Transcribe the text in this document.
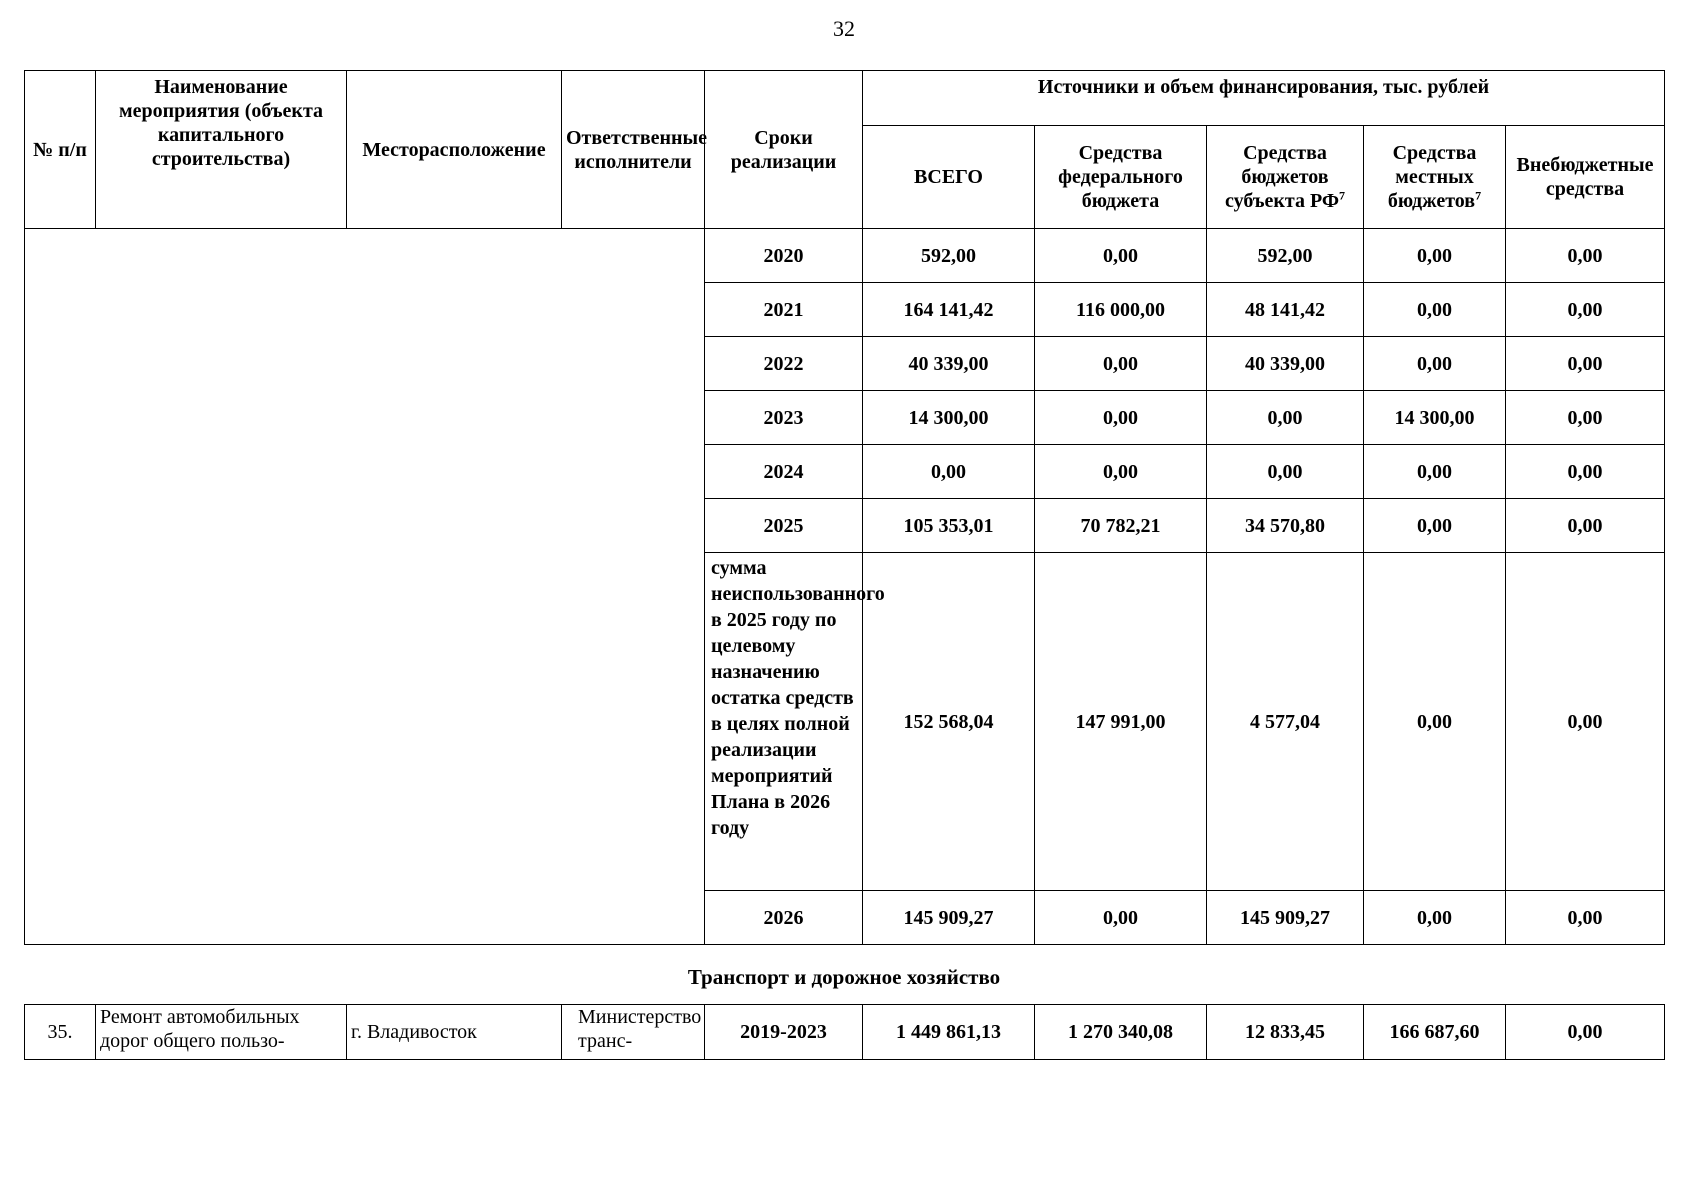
32
№ п/п	Наименование мероприятия (объекта капитального строительства)	Месторасположение	Ответственные исполнители	Сроки реализации	Источники и объем финансирования, тыс. рублей				
					ВСЕГО	Средства федерального бюджета	Средства бюджетов субъекта $РФ^7$	Средства местных бюджетов$^7$	Внебюджетные средства
				2020	592,00	0,00	592,00	0,00	0,00
				2021	164 141,42	116 000,00	48 141,42	0,00	0,00
				2022	40 339,00	0,00	40 339,00	0,00	0,00
				2023	14 300,00	0,00	0,00	14 300,00	0,00
				2024	0,00	0,00	0,00	0,00	0,00
				2025	105 353,01	70 782,21	34 570,80	0,00	0,00
				сумма неиспользованного в 2025 году по целевому назначению остатка средств в целях полной реализации мероприятий Плана в 2026 году	152 568,04	147 991,00	4 577,04	0,00	0,00
				2026	145 909,27	0,00	145 909,27	0,00	0,00
Транспорт и дорожное хозяйство
35.	Ремонт автомобильных дорог общего пользо-	г. Владивосток	Министерство транс-	2019-2023	1 449 861,13	1 270 340,08	12 833,45	166 687,60	0,00
